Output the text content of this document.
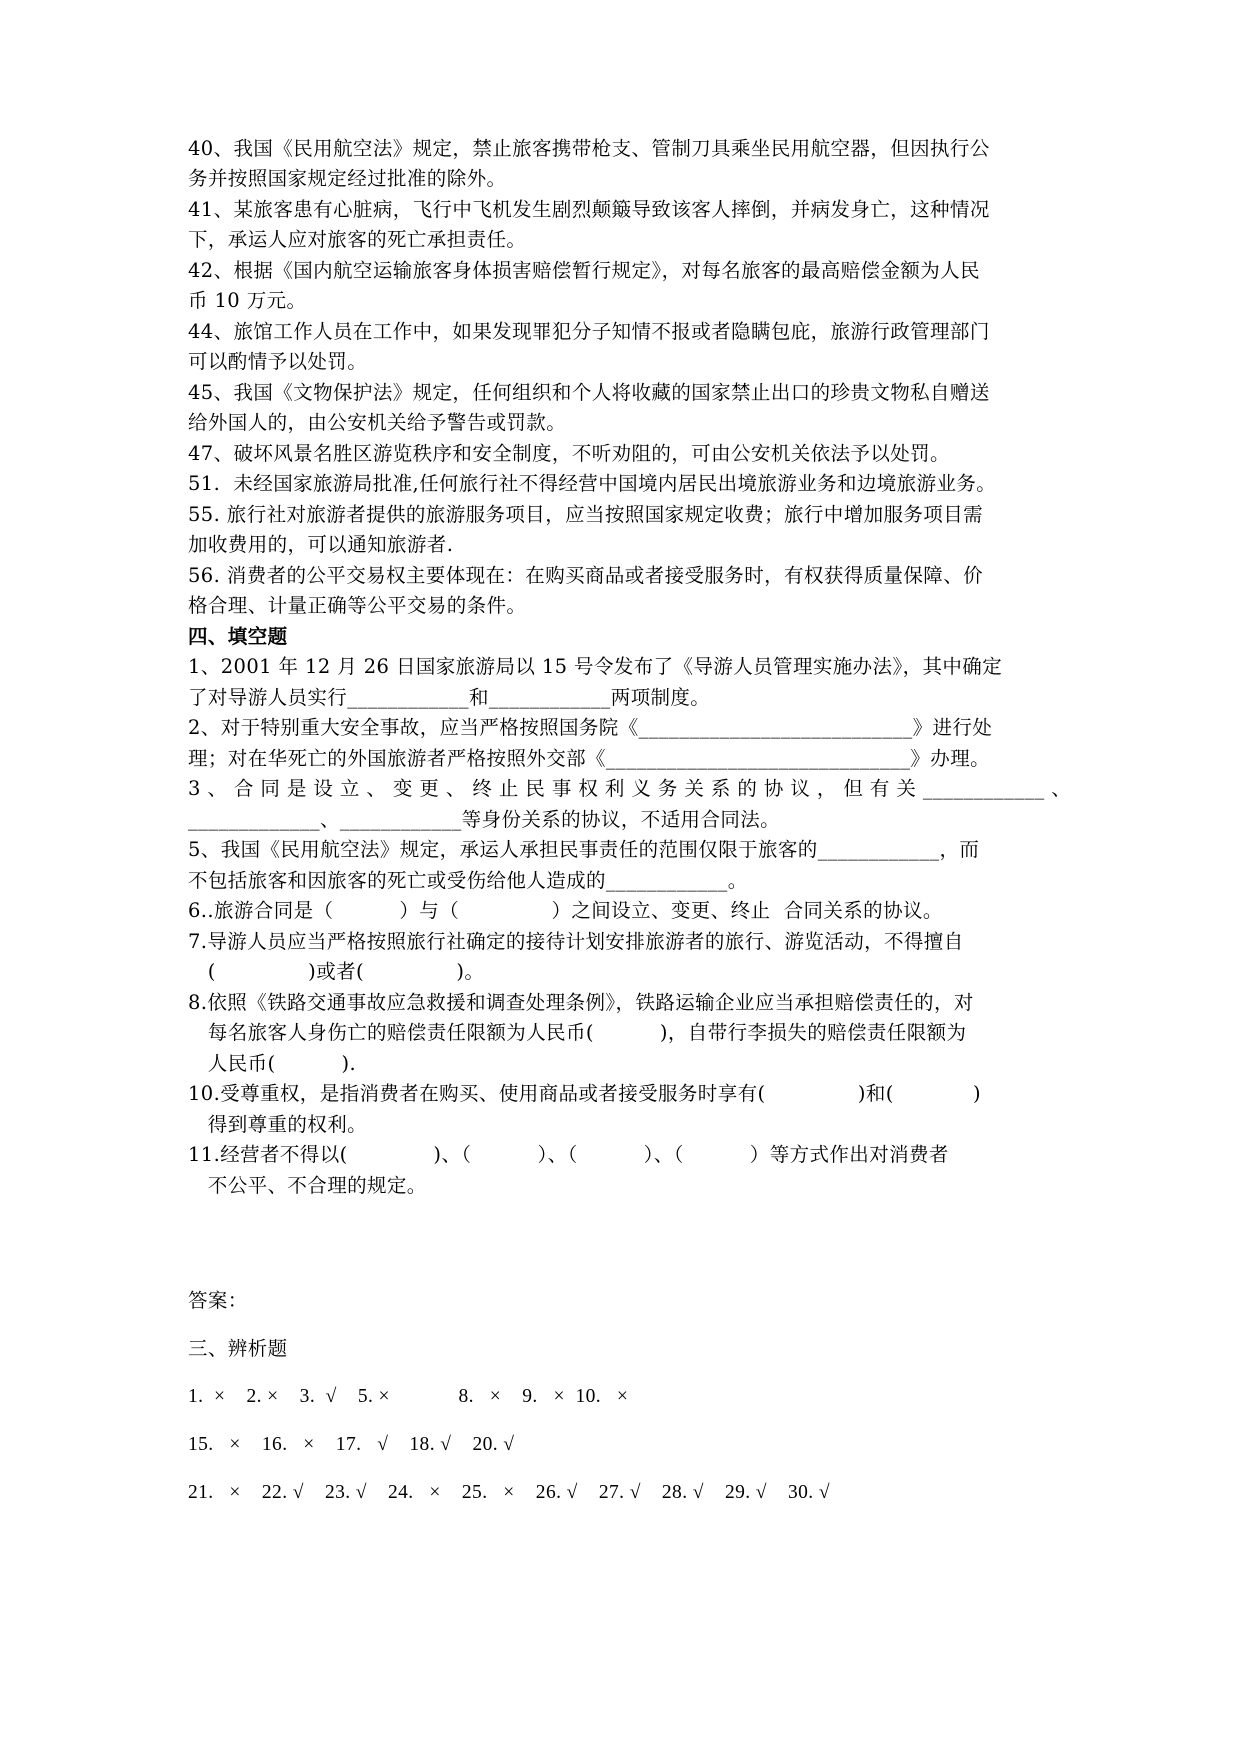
40、我国《民用航空法》规定，禁止旅客携带枪支、管制刀具乘坐民用航空器，但因执行公
务并按照国家规定经过批准的除外。
41、某旅客患有心脏病，飞行中飞机发生剧烈颠簸导致该客人摔倒，并病发身亡，这种情况
下，承运人应对旅客的死亡承担责任。
42、根据《国内航空运输旅客身体损害赔偿暂行规定》，对每名旅客的最高赔偿金额为人民
币 10 万元。
44、旅馆工作人员在工作中，如果发现罪犯分子知情不报或者隐瞒包庇，旅游行政管理部门
可以酌情予以处罚。
45、我国《文物保护法》规定，任何组织和个人将收藏的国家禁止出口的珍贵文物私自赠送
给外国人的，由公安机关给予警告或罚款。
47、破坏风景名胜区游览秩序和安全制度，不听劝阻的，可由公安机关依法予以处罚。
51.  未经国家旅游局批准,任何旅行社不得经营中国境内居民出境旅游业务和边境旅游业务。
55. 旅行社对旅游者提供的旅游服务项目，应当按照国家规定收费；旅行中增加服务项目需
加收费用的，可以通知旅游者.
56. 消费者的公平交易权主要体现在：在购买商品或者接受服务时，有权获得质量保障、价
格合理、计量正确等公平交易的条件。
四、填空题
1、2001 年 12 月 26 日国家旅游局以 15 号令发布了《导游人员管理实施办法》，其中确定
了对导游人员实行____________和____________两项制度。
2、对于特别重大安全事故，应当严格按照国务院《___________________________》进行处
理；对在华死亡的外国旅游者严格按照外交部《______________________________》办理。
3 、 合 同 是 设 立 、 变 更 、 终 止 民 事 权 利 义 务 关 系 的 协 议 ， 但 有 关 ____________ 、
_____________、____________等身份关系的协议，不适用合同法。
5、我国《民用航空法》规定，承运人承担民事责任的范围仅限于旅客的____________，而
不包括旅客和因旅客的死亡或受伤给他人造成的____________。
6..旅游合同是（          ）与（              ）之间设立、变更、终止  合同关系的协议。
7.导游人员应当严格按照旅行社确定的接待计划安排旅游者的旅行、游览活动，不得擅自
(              )或者(              )。
8.依照《铁路交通事故应急救援和调查处理条例》，铁路运输企业应当承担赔偿责任的，对
每名旅客人身伤亡的赔偿责任限额为人民币(          )，自带行李损失的赔偿责任限额为
人民币(          ).
10.受尊重权，是指消费者在购买、使用商品或者接受服务时享有(              )和(            )
得到尊重的权利。
11.经营者不得以(             )、（          ）、（          ）、（          ）等方式作出对消费者
不公平、不合理的规定。
答案：
三、辨析题
1.  ×    2. ×    3.  √    5. ×             8.   ×    9.   ×  10.   ×
15.   ×    16.   ×    17.   √    18. √    20. √
21.   ×    22. √    23. √    24.   ×    25.   ×    26. √    27. √    28. √    29. √    30. √
